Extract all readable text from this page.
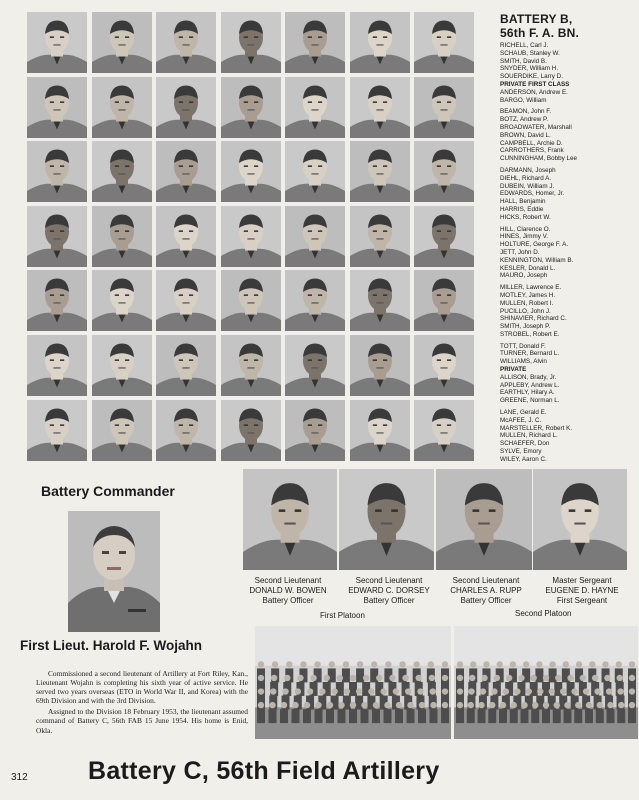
BATTERY B,
56th F. A. BN.
RICHELL, Carl J.
SCHAUB, Stanley W.
SMITH, David B.
SNYDER, William H.
SOUERDIKE, Larry D.
PRIVATE FIRST CLASS
ANDERSON, Andrew E.
BARGO, William
BEAMON, John F.
BOTZ, Andrew P.
BROADWATER, Marshall
BROWN, David L.
CAMPBELL, Archie D.
CARROTHERS, Frank
CUNNINGHAM, Bobby Lee
DARMANN, Joseph
DIEHL, Richard A.
DUBEIN, William J.
EDWARDS, Homer, Jr.
HALL, Benjamin
HARRIS, Eddie
HICKS, Robert W.
HILL, Clarence O.
HINES, Jimmy V.
HOLTURE, George F. A.
JETT, John D.
KENNINGTON, William B.
KESLER, Donald L.
MAURO, Joseph
MILLER, Lawrence E.
MOTLEY, James H.
MULLEN, Robert I.
PUCILLO, John J.
SHINAVIER, Richard C.
SMITH, Joseph P.
STROBEL, Robert E.
TOTT, Donald F.
TURNER, Bernard L.
WILLIAMS, Alvin
PRIVATE
ALLISON, Brady, Jr.
APPLEBY, Andrew L.
EARTHLY, Hilary A.
GREENE, Norman L.
LANE, Gerald E.
McAFEE, J. C.
MARSTELLER, Robert K.
MULLEN, Richard L.
SCHAEFER, Don
SYLVE, Emory
WILEY, Aaron C.
Battery Commander
Second Lieutenant
DONALD W. BOWEN
Battery Officer
Second Lieutenant
EDWARD C. DORSEY
Battery Officer
Second Lieutenant
CHARLES A. RUPP
Battery Officer
Master Sergeant
EUGENE D. HAYNE
First Sergeant
First Platoon	Second Platoon
First Lieut. Harold F. Wojahn

Commissioned a second lieutenant of Artillery at Fort Riley, Kan., Lieutenant Wojahn is completing his sixth year of active service. He served two years overseas (ETO in World War II, and Korea) with the 69th Division and with the 3rd Division.

Assigned to the Division 18 February 1953, the lieutenant assumed command of Battery C, 56th FAB 15 June 1954. His home is Enid, Okla.

312 Battery C, 56th Field Artillery
